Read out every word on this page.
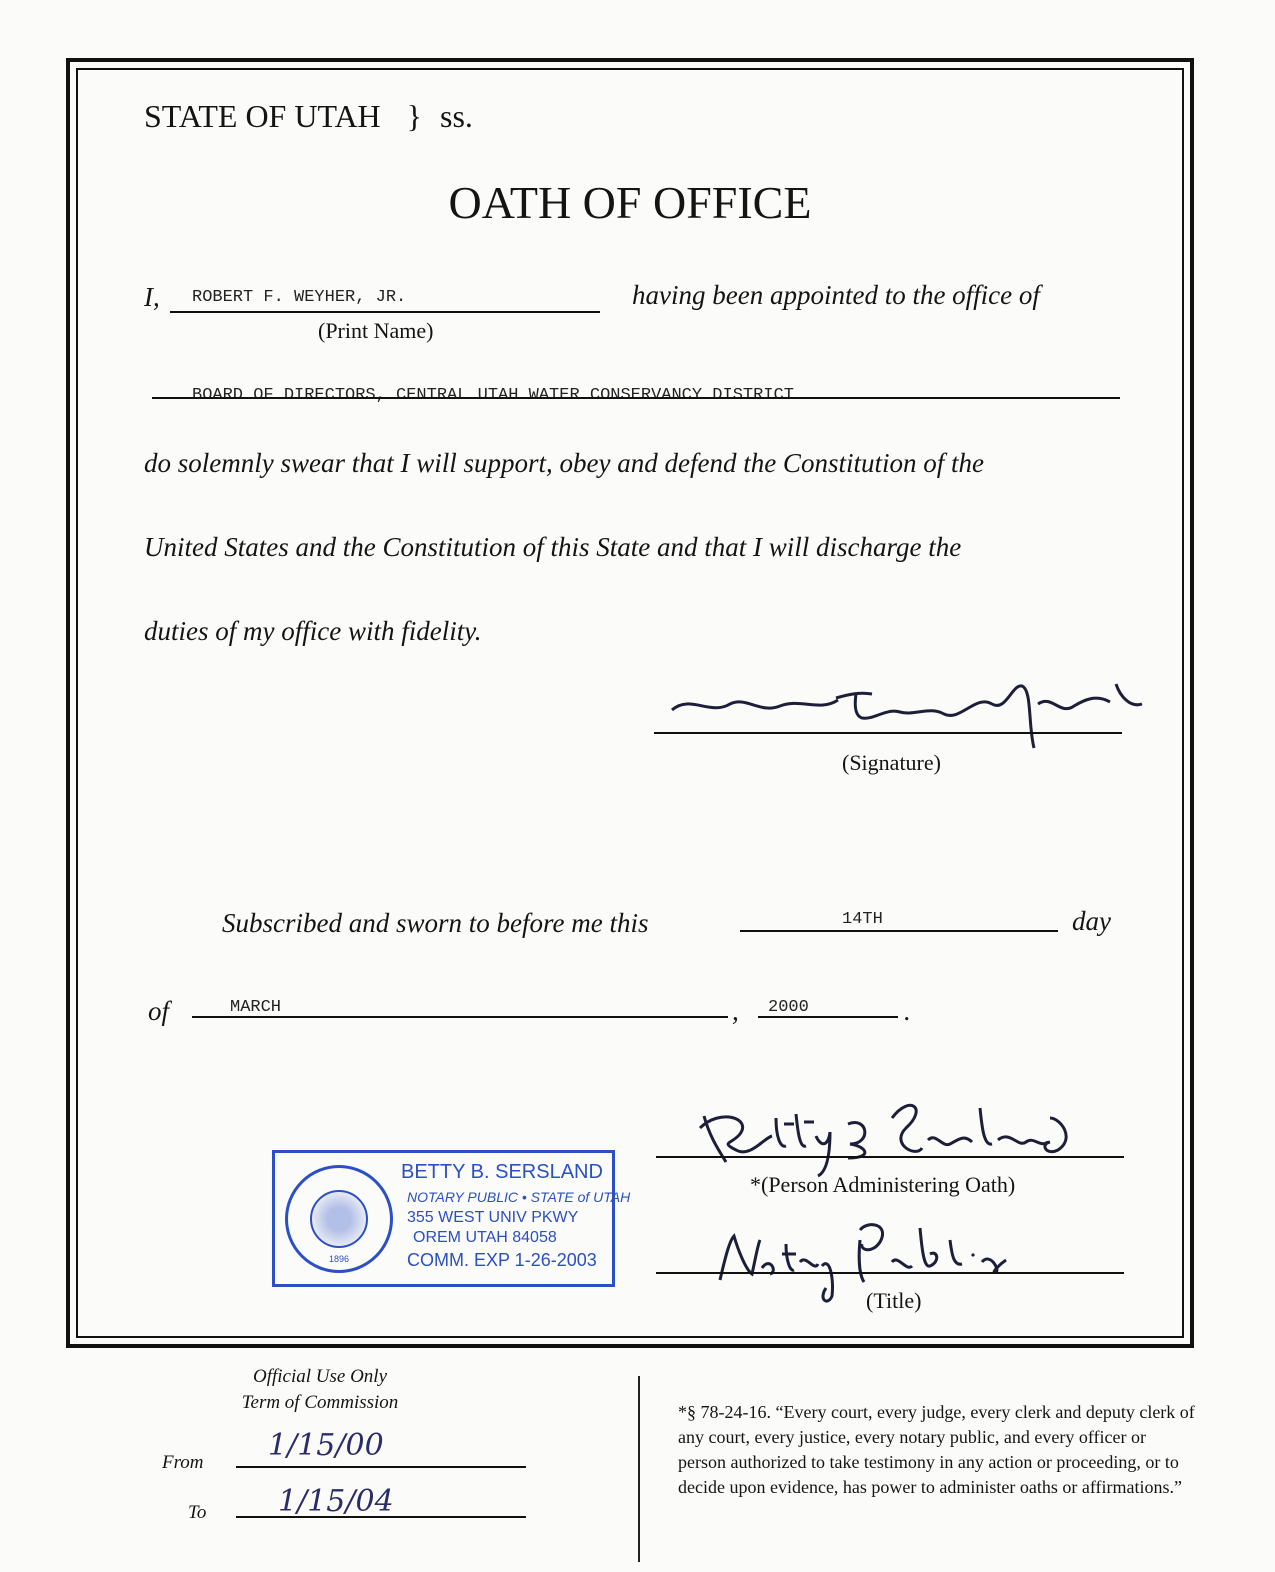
STATE OF UTAH } ss.
OATH OF OFFICE
I, ROBERT F. WEYHER, JR.
(Print Name)
having been appointed to the office of
BOARD OF DIRECTORS, CENTRAL UTAH WATER CONSERVANCY DISTRICT
do solemnly swear that I will support, obey and defend the Constitution of the
United States and the Constitution of this State and that I will discharge the
duties of my office with fidelity.
(Signature)
Subscribed and sworn to before me this	14TH	day
of	MARCH	, 2000	.
*(Person Administering Oath)
(Title)
1896
BETTY B. SERSLAND
NOTARY PUBLIC • STATE of UTAH
355 WEST UNIV PKWY
OREM UTAH 84058
COMM. EXP 1-26-2003
Official Use Only
Term of Commission
From 1/15/00
To 1/15/04
*§ 78-24-16. “Every court, every judge, every clerk and deputy clerk of any court, every justice, every notary public, and every officer or person authorized to take testimony in any action or proceeding, or to decide upon evidence, has power to administer oaths or affirmations.”
